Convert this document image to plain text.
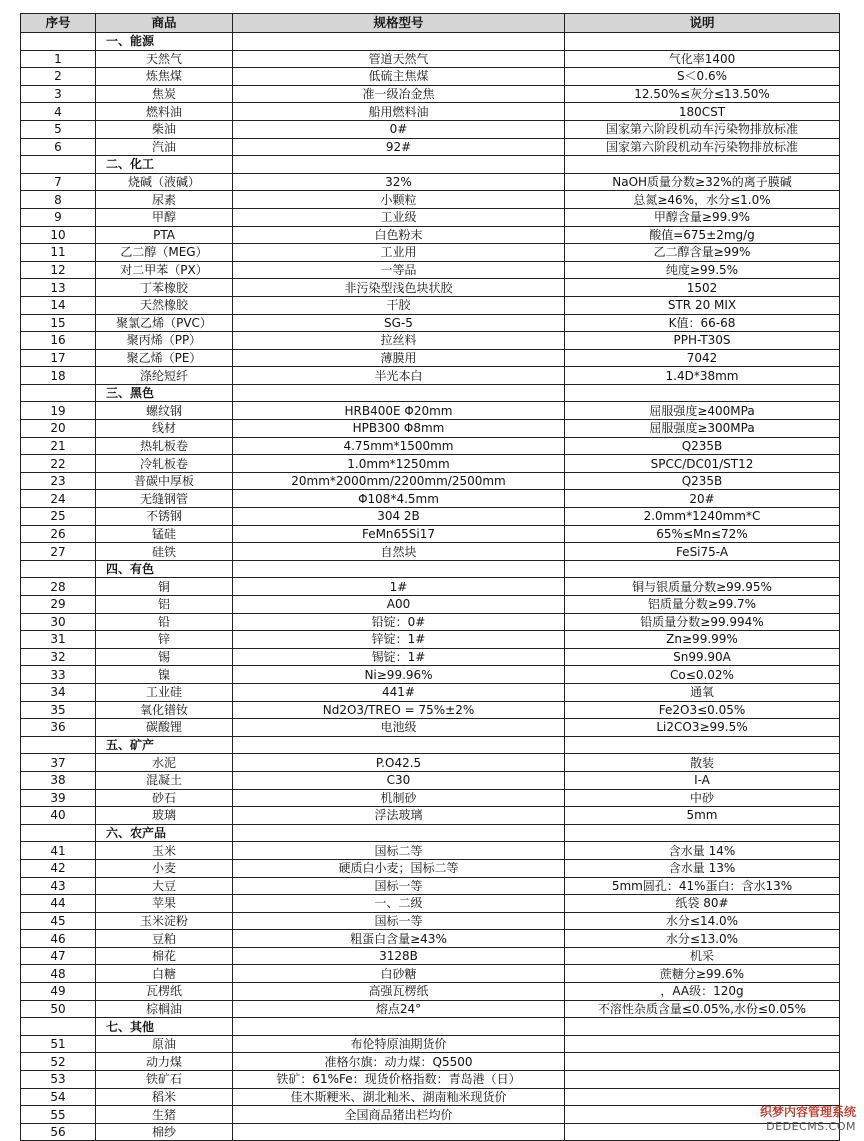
序号	商品	规格型号	说明
	一、能源		
1	天然气	管道天然气	气化率1400
2	炼焦煤	低硫主焦煤	S＜0.6%
3	焦炭	准一级冶金焦	12.50%≤灰分≤13.50%
4	燃料油	船用燃料油	180CST
5	柴油	0#	国家第六阶段机动车污染物排放标准
6	汽油	92#	国家第六阶段机动车污染物排放标准
	二、化工		
7	烧碱（液碱）	32%	NaOH质量分数≥32%的离子膜碱
8	尿素	小颗粒	总氮≥46%，水分≤1.0%
9	甲醇	工业级	甲醇含量≥99.9%
10	PTA	白色粉末	酸值=675±2mg/g
11	乙二醇（MEG）	工业用	乙二醇含量≥99%
12	对二甲苯（PX）	一等品	纯度≥99.5%
13	丁苯橡胶	非污染型浅色块状胶	1502
14	天然橡胶	干胶	STR 20 MIX
15	聚氯乙烯（PVC）	SG-5	K值：66-68
16	聚丙烯（PP）	拉丝料	PPH-T30S
17	聚乙烯（PE）	薄膜用	7042
18	涤纶短纤	半光本白	1.4D*38mm
	三、黑色		
19	螺纹钢	HRB400E Φ20mm	屈服强度≥400MPa
20	线材	HPB300 Φ8mm	屈服强度≥300MPa
21	热轧板卷	4.75mm*1500mm	Q235B
22	冷轧板卷	1.0mm*1250mm	SPCC/DC01/ST12
23	普碳中厚板	20mm*2000mm/2200mm/2500mm	Q235B
24	无缝钢管	Φ108*4.5mm	20#
25	不锈钢	304 2B	2.0mm*1240mm*C
26	锰硅	FeMn65Si17	65%≤Mn≤72%
27	硅铁	自然块	FeSi75-A
	四、有色		
28	铜	1#	铜与银质量分数≥99.95%
29	铝	A00	铝质量分数≥99.7%
30	铅	铅锭：0#	铅质量分数≥99.994%
31	锌	锌锭：1#	Zn≥99.99%
32	锡	锡锭：1#	Sn99.90A
33	镍	Ni≥99.96%	Co≤0.02%
34	工业硅	441#	通氧
35	氧化镨钕	Nd2O3/TREO = 75%±2%	Fe2O3≤0.05%
36	碳酸锂	电池级	Li2CO3≥99.5%
	五、矿产		
37	水泥	P.O42.5	散装
38	混凝土	C30	I-A
39	砂石	机制砂	中砂
40	玻璃	浮法玻璃	5mm
	六、农产品		
41	玉米	国标二等	含水量 14%
42	小麦	硬质白小麦；国标二等	含水量 13%
43	大豆	国标一等	5mm圆孔：41%蛋白：含水13%
44	苹果	一、二级	纸袋 80#
45	玉米淀粉	国标一等	水分≤14.0%
46	豆粕	粗蛋白含量≥43%	水分≤13.0%
47	棉花	3128B	机采
48	白糖	白砂糖	蔗糖分≥99.6%
49	瓦楞纸	高强瓦楞纸	，AA级：120g
50	棕榈油	熔点24°	不溶性杂质含量≤0.05%,水份≤0.05%
	七、其他		
51	原油	布伦特原油期货价	
52	动力煤	准格尔旗：动力煤：Q5500	
53	铁矿石	铁矿：61%Fe：现货价格指数：青岛港（日）	
54	稻米	佳木斯粳米、湖北籼米、湖南籼米现货价	
55	生猪	全国商品猪出栏均价	
56	棉纱		
织梦内容管理系统
DEDECMS.COM
